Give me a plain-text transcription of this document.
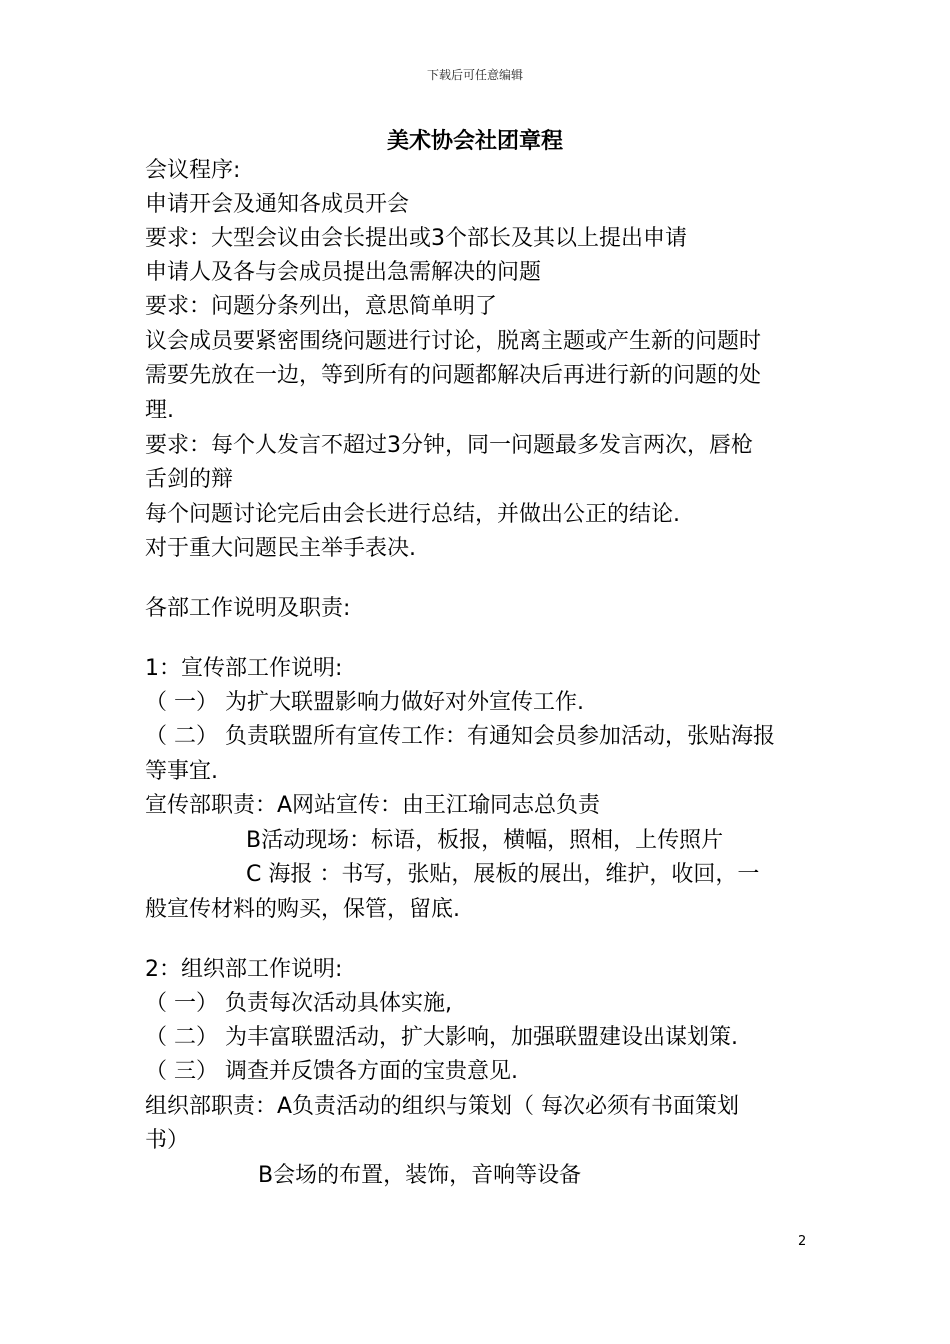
下载后可任意编辑
美术协会社团章程
会议程序:
申请开会及通知各成员开会
要求：大型会议由会长提出或3个部长及其以上提出申请
申请人及各与会成员提出急需解决的问题
要求：问题分条列出，意思简单明了
议会成员要紧密围绕问题进行讨论，脱离主题或产生新的问题时
需要先放在一边，等到所有的问题都解决后再进行新的问题的处
理.
要求：每个人发言不超过3分钟，同一问题最多发言两次，唇枪
舌剑的辩
每个问题讨论完后由会长进行总结，并做出公正的结论.
对于重大问题民主举手表决.
各部工作说明及职责:
1：宣传部工作说明:
（ 一） 为扩大联盟影响力做好对外宣传工作.
（ 二） 负责联盟所有宣传工作：有通知会员参加活动，张贴海报
等事宜.
宣传部职责：A网站宣传：由王江瑜同志总负责
B活动现场：标语，板报，横幅，照相，上传照片
C 海报 ：书写，张贴，展板的展出，维护，收回，一
般宣传材料的购买，保管，留底.
2：组织部工作说明:
（ 一） 负责每次活动具体实施,
（ 二） 为丰富联盟活动，扩大影响，加强联盟建设出谋划策.
（ 三） 调查并反馈各方面的宝贵意见.
组织部职责：A负责活动的组织与策划（ 每次必须有书面策划
书）
B会场的布置，装饰，音响等设备
2
